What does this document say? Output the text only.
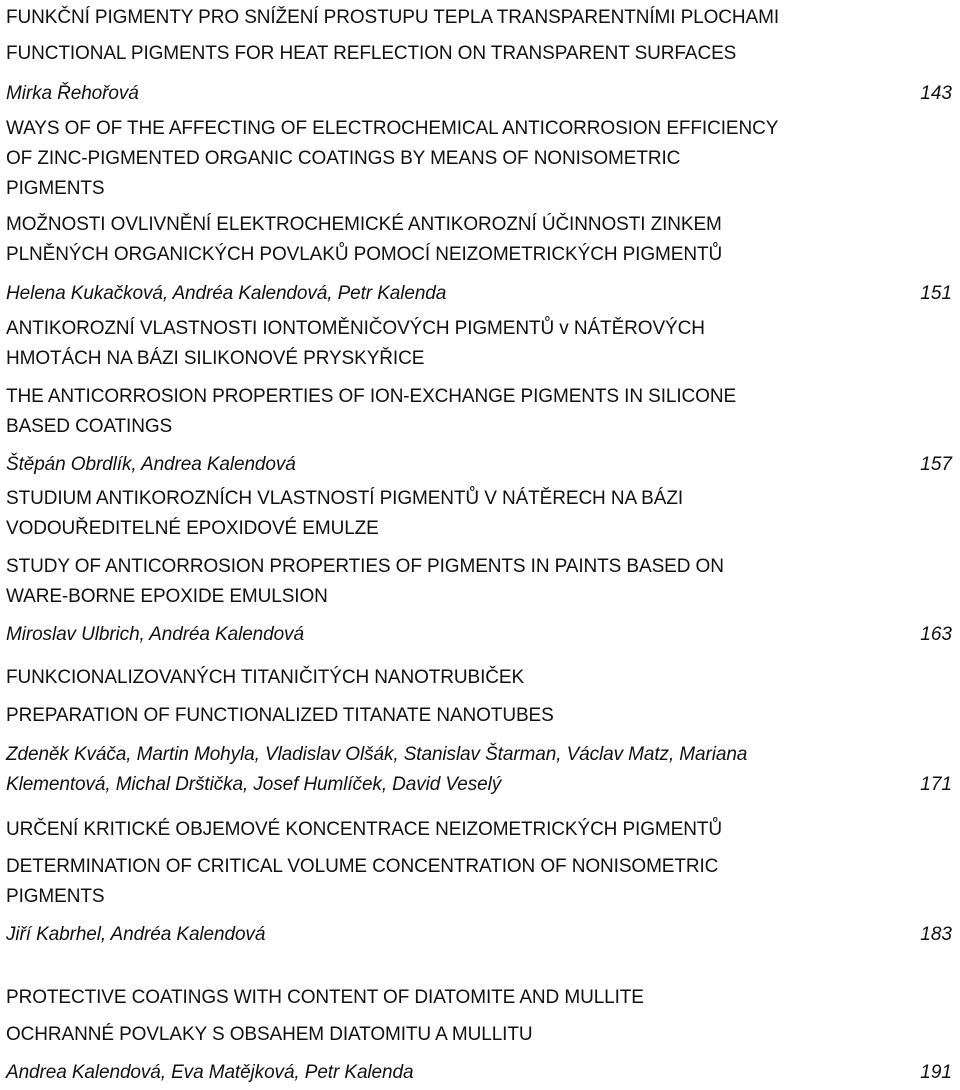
FUNKČNÍ PIGMENTY PRO SNÍŽENÍ PROSTUPU TEPLA TRANSPARENTNÍMI PLOCHAMI
FUNCTIONAL PIGMENTS FOR HEAT REFLECTION ON TRANSPARENT SURFACES
Mirka Řehořová	143
WAYS OF OF THE AFFECTING OF ELECTROCHEMICAL ANTICORROSION EFFICIENCY
OF ZINC-PIGMENTED ORGANIC COATINGS BY MEANS OF NONISOMETRIC
PIGMENTS
MOŽNOSTI OVLIVNĚNÍ ELEKTROCHEMICKÉ ANTIKOROZNÍ ÚČINNOSTI ZINKEM
PLNĚNÝCH ORGANICKÝCH POVLAKŮ POMOCÍ NEIZOMETRICKÝCH PIGMENTŮ
Helena Kukačková, Andréa Kalendová, Petr Kalenda	151
ANTIKOROZNÍ VLASTNOSTI IONTOMĚNIČOVÝCH PIGMENTŮ v NÁTĚROVÝCH
HMOTÁCH NA BÁZI SILIKONOVÉ PRYSKYŘICE
THE ANTICORROSION PROPERTIES OF ION-EXCHANGE PIGMENTS IN SILICONE
BASED COATINGS
Štěpán Obrdlík, Andrea Kalendová	157
STUDIUM ANTIKOROZNÍCH VLASTNOSTÍ PIGMENTŮ V NÁTĚRECH NA BÁZI
VODOUŘEDITELNÉ EPOXIDOVÉ EMULZE
STUDY OF ANTICORROSION PROPERTIES OF PIGMENTS IN PAINTS BASED ON
WARE-BORNE EPOXIDE EMULSION
Miroslav Ulbrich, Andréa Kalendová	163
FUNKCIONALIZOVANÝCH TITANIČITÝCH NANOTRUBIČEK
PREPARATION OF FUNCTIONALIZED TITANATE NANOTUBES
Zdeněk Kváča, Martin Mohyla, Vladislav Olšák, Stanislav Štarman, Václav Matz, Mariana
Klementová, Michal Drštička, Josef Humlíček, David Veselý	171
URČENÍ KRITICKÉ OBJEMOVÉ KONCENTRACE NEIZOMETRICKÝCH PIGMENTŮ
DETERMINATION OF CRITICAL VOLUME CONCENTRATION OF NONISOMETRIC
PIGMENTS
Jiří Kabrhel, Andréa Kalendová	183
PROTECTIVE COATINGS WITH CONTENT OF DIATOMITE AND MULLITE
OCHRANNÉ POVLAKY S OBSAHEM DIATOMITU A MULLITU
Andrea Kalendová, Eva Matějková, Petr Kalenda	191
